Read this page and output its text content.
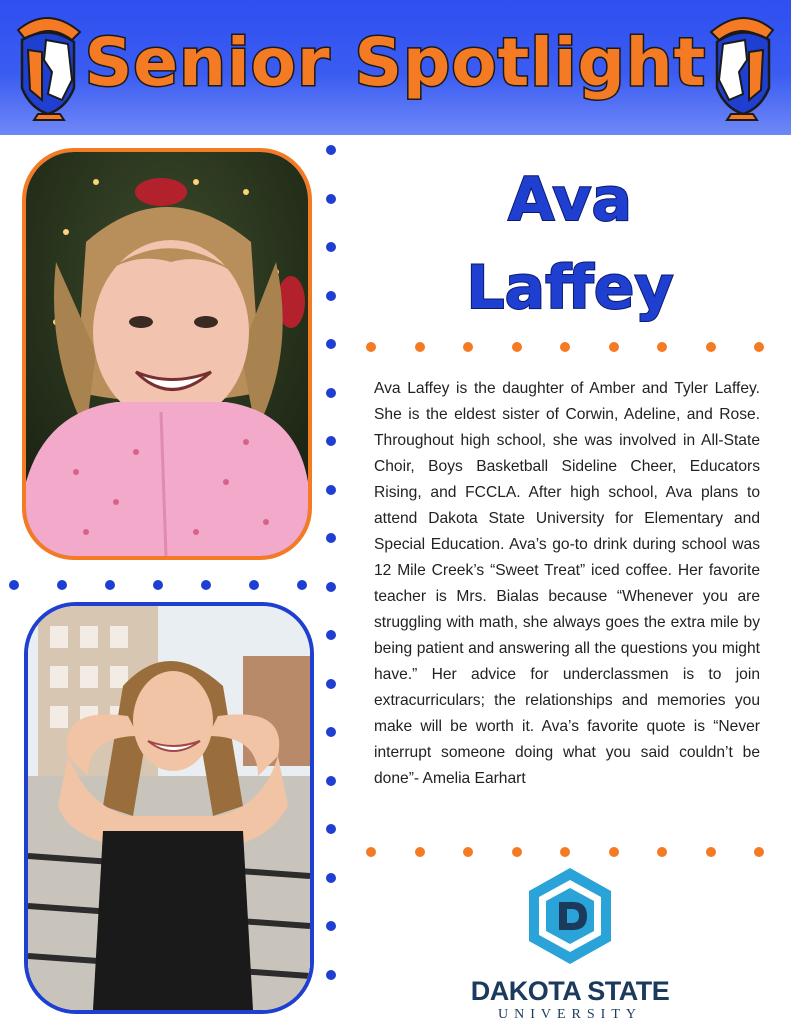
Senior Spotlight
Ava
Laffey

Ava Laffey is the daughter of Amber and Tyler Laffey. She is the eldest sister of Corwin, Adeline, and Rose. Throughout high school, she was involved in All-State Choir, Boys Basketball Sideline Cheer, Educators Rising, and FCCLA. After high school, Ava plans to attend Dakota State University for Elementary and Special Education. Ava’s go-to drink during school was 12 Mile Creek’s “Sweet Treat” iced coffee. Her favorite teacher is Mrs. Bialas because “Whenever you are struggling with math, she always goes the extra mile by being patient and answering all the questions you might have.” Her advice for underclassmen is to join extracurriculars; the relationships and memories you make will be worth it. Ava’s favorite quote is “Never interrupt someone doing what you said couldn’t be done”- Amelia Earhart

DAKOTA STATE
UNIVERSITY
